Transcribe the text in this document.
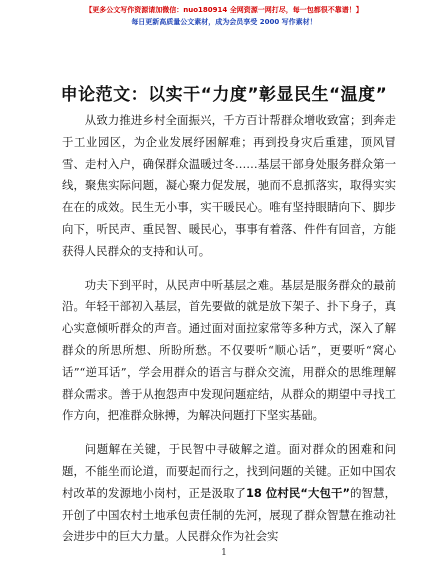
【更多公文写作资源请加微信：nuo180914 全网资源一网打尽，每一包都很不靠谱！】
每日更新高质量公文素材，成为会员享受 2000 写作素材！
申论范文：以实干“力度”彰显民生“温度”

从致力推进乡村全面振兴，千方百计帮群众增收致富；到奔走于工业园区，为企业发展纾困解难；再到投身灾后重建，顶风冒雪、走村入户，确保群众温暖过冬……基层干部身处服务群众第一线，聚焦实际问题，凝心聚力促发展，驰而不息抓落实，取得实实在在的成效。民生无小事，实干暖民心。唯有坚持眼睛向下、脚步向下，听民声、重民智、暖民心，事事有着落、件件有回音，方能获得人民群众的支持和认可。

功夫下到平时，从民声中听基层之难。基层是服务群众的最前沿。年轻干部初入基层，首先要做的就是放下架子、扑下身子，真心实意倾听群众的声音。通过面对面拉家常等多种方式，深入了解群众的所思所想、所盼所愁。不仅要听“顺心话”，更要听“窝心话”“逆耳话”，学会用群众的语言与群众交流，用群众的思维理解群众需求。善于从抱怨声中发现问题症结，从群众的期望中寻找工作方向，把准群众脉搏，为解决问题打下坚实基础。

问题解在关键，于民智中寻破解之道。面对群众的困难和问题，不能坐而论道，而要起而行之，找到问题的关键。正如中国农村改革的发源地小岗村，正是汲取了18 位村民“大包干”的智慧，开创了中国农村土地承包责任制的先河，展现了群众智慧在推动社会进步中的巨大力量。人民群众作为社会实

1
